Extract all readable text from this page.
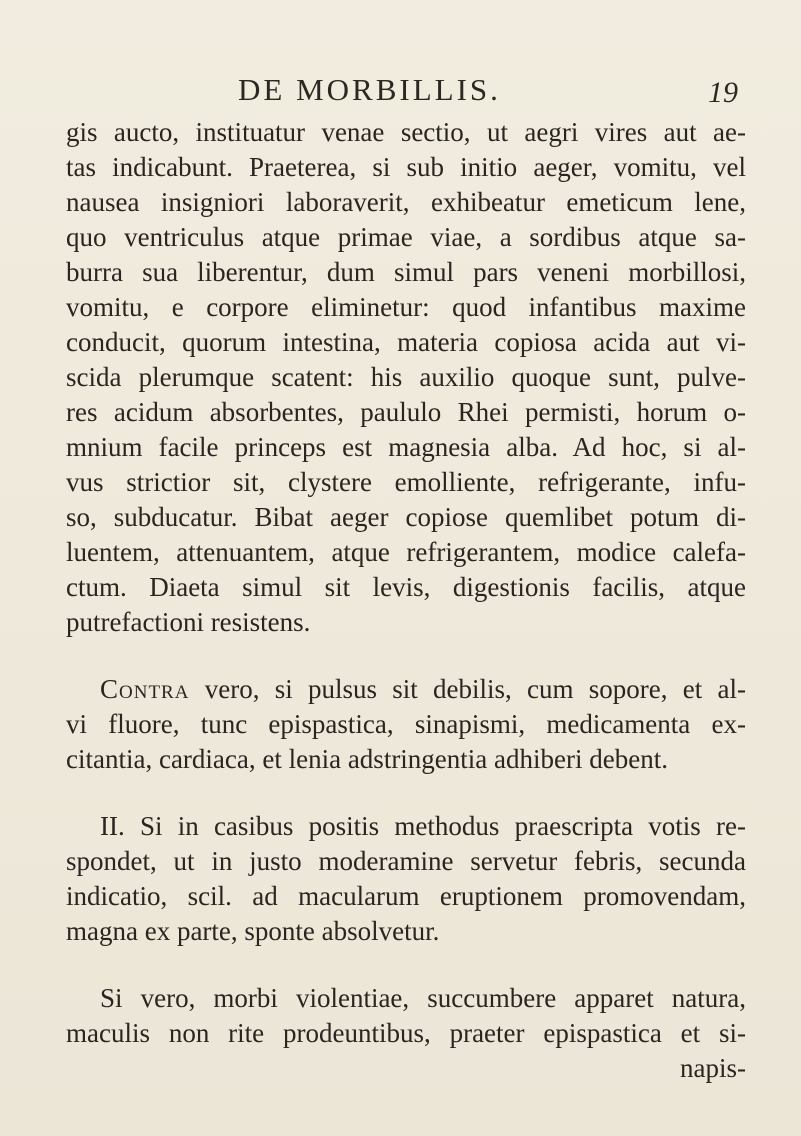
DE MORBILLIS.	19
gis aucto, instituatur venae sectio, ut aegri vires aut ae-
tas indicabunt. Praeterea, si sub initio aeger, vomitu, vel
nausea insigniori laboraverit, exhibeatur emeticum lene,
quo ventriculus atque primae viae, a sordibus atque sa-
burra sua liberentur, dum simul pars veneni morbillosi,
vomitu, e corpore eliminetur: quod infantibus maxime
conducit, quorum intestina, materia copiosa acida aut vi-
scida plerumque scatent: his auxilio quoque sunt, pulve-
res acidum absorbentes, paululo Rhei permisti, horum o-
mnium facile princeps est magnesia alba. Ad hoc, si al-
vus strictior sit, clystere emolliente, refrigerante, infu-
so, subducatur. Bibat aeger copiose quemlibet potum di-
luentem, attenuantem, atque refrigerantem, modice calefa-
ctum. Diaeta simul sit levis, digestionis facilis, atque
putrefactioni resistens.
Contra vero, si pulsus sit debilis, cum sopore, et al-
vi fluore, tunc epispastica, sinapismi, medicamenta ex-
citantia, cardiaca, et lenia adstringentia adhiberi debent.
II. Si in casibus positis methodus praescripta votis re-
spondet, ut in justo moderamine servetur febris, secunda
indicatio, scil. ad macularum eruptionem promovendam,
magna ex parte, sponte absolvetur.
Si vero, morbi violentiae, succumbere apparet natura,
maculis non rite prodeuntibus, praeter epispastica et si-
napis-
